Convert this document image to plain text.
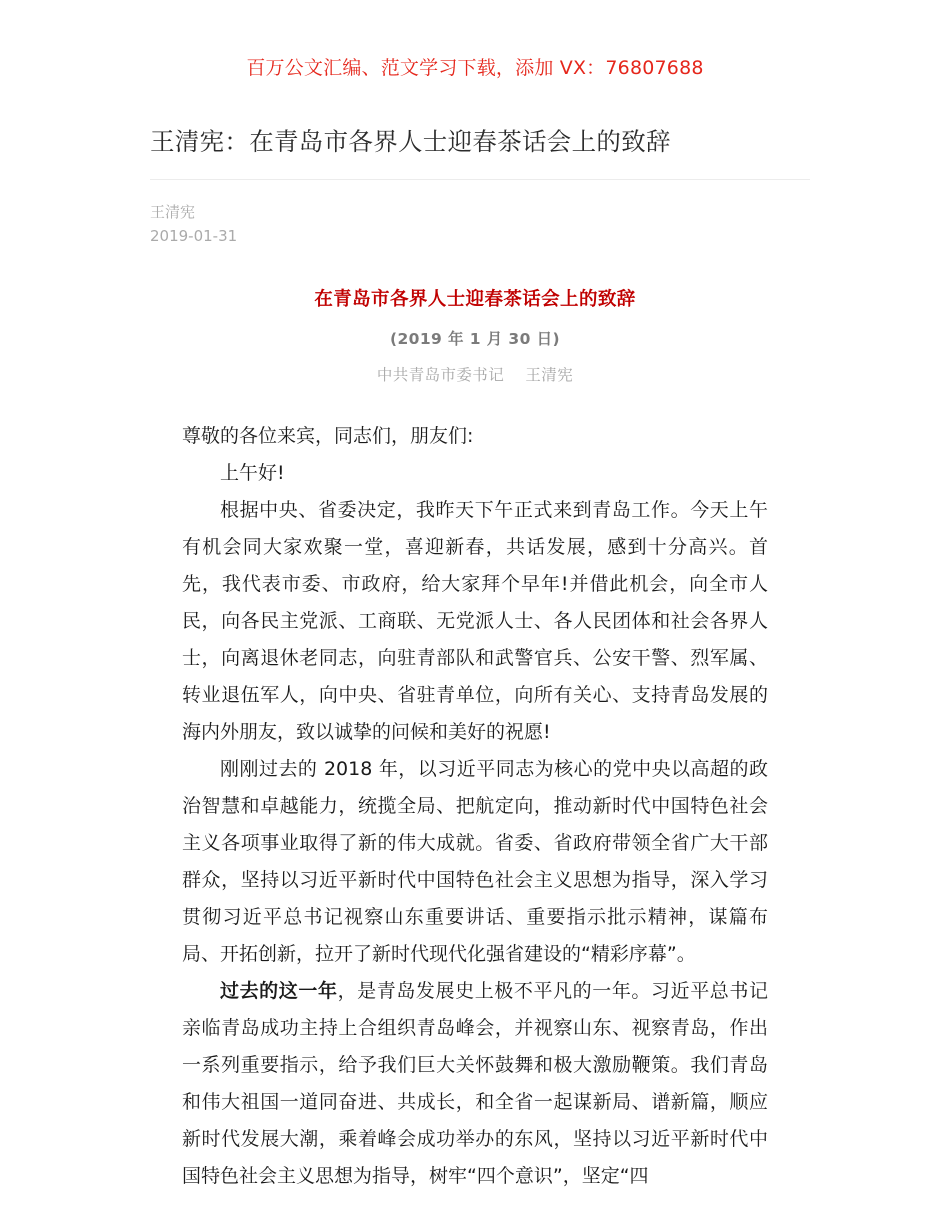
百万公文汇编、范文学习下载，添加 VX：76807688
王清宪：在青岛市各界人士迎春茶话会上的致辞
王清宪
2019-01-31
在青岛市各界人士迎春茶话会上的致辞
(2019 年 1 月 30 日)
中共青岛市委书记    王清宪

尊敬的各位来宾，同志们，朋友们:

上午好!

根据中央、省委决定，我昨天下午正式来到青岛工作。今天上午有机会同大家欢聚一堂，喜迎新春，共话发展，感到十分高兴。首先，我代表市委、市政府，给大家拜个早年!并借此机会，向全市人民，向各民主党派、工商联、无党派人士、各人民团体和社会各界人士，向离退休老同志，向驻青部队和武警官兵、公安干警、烈军属、转业退伍军人，向中央、省驻青单位，向所有关心、支持青岛发展的海内外朋友，致以诚挚的问候和美好的祝愿!

刚刚过去的 2018 年，以习近平同志为核心的党中央以高超的政治智慧和卓越能力，统揽全局、把航定向，推动新时代中国特色社会主义各项事业取得了新的伟大成就。省委、省政府带领全省广大干部群众，坚持以习近平新时代中国特色社会主义思想为指导，深入学习贯彻习近平总书记视察山东重要讲话、重要指示批示精神，谋篇布局、开拓创新，拉开了新时代现代化强省建设的“精彩序幕”。

过去的这一年，是青岛发展史上极不平凡的一年。习近平总书记亲临青岛成功主持上合组织青岛峰会，并视察山东、视察青岛，作出一系列重要指示，给予我们巨大关怀鼓舞和极大激励鞭策。我们青岛和伟大祖国一道同奋进、共成长，和全省一起谋新局、谱新篇，顺应新时代发展大潮，乘着峰会成功举办的东风，坚持以习近平新时代中国特色社会主义思想为指导，树牢“四个意识”，坚定“四
